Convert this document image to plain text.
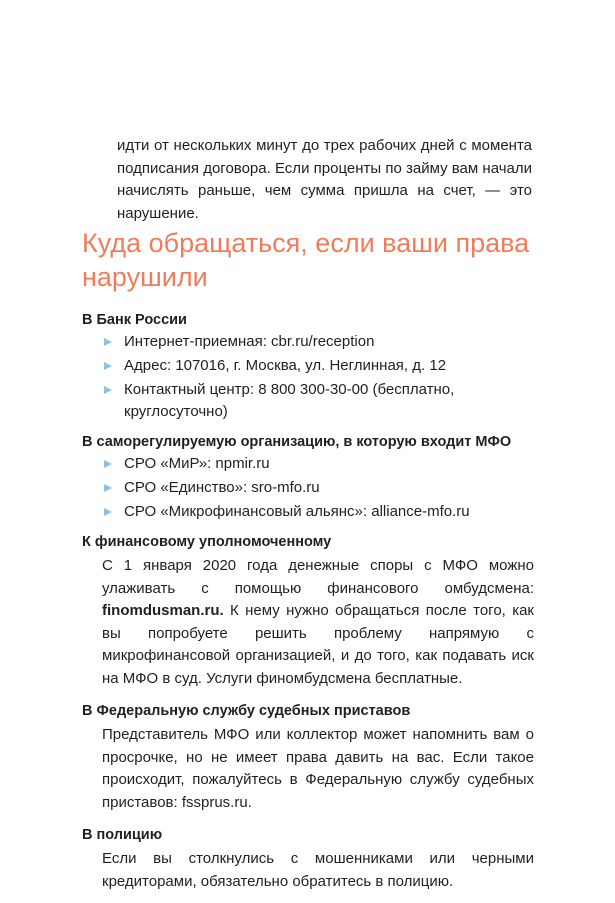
идти от нескольких минут до трех рабочих дней с момента подписания договора. Если проценты по займу вам начали начислять раньше, чем сумма пришла на счет, — это нарушение.

Куда обращаться, если ваши права нарушили

В Банк России

Интернет-приемная: cbr.ru/reception
Адрес: 107016, г. Москва, ул. Неглинная, д. 12
Контактный центр: 8 800 300-30-00 (бесплатно, круглосуточно)

В саморегулируемую организацию, в которую входит МФО

СРО «МиР»: npmir.ru
СРО «Единство»: sro-mfo.ru
СРО «Микрофинансовый альянс»: alliance-mfo.ru

К финансовому уполномоченному

С 1 января 2020 года денежные споры с МФО можно улаживать с помощью финансового омбудсмена: finomdusman.ru. К нему нужно обращаться после того, как вы попробуете решить проблему напрямую с микрофинансовой организацией, и до того, как подавать иск на МФО в суд. Услуги финомбудсмена бесплатные.

В Федеральную службу судебных приставов

Представитель МФО или коллектор может напомнить вам о просрочке, но не имеет права давить на вас. Если такое происходит, пожалуйтесь в Федеральную службу судебных приставов: fssprus.ru.

В полицию

Если вы столкнулись с мошенниками или черными кредиторами, обязательно обратитесь в полицию.
